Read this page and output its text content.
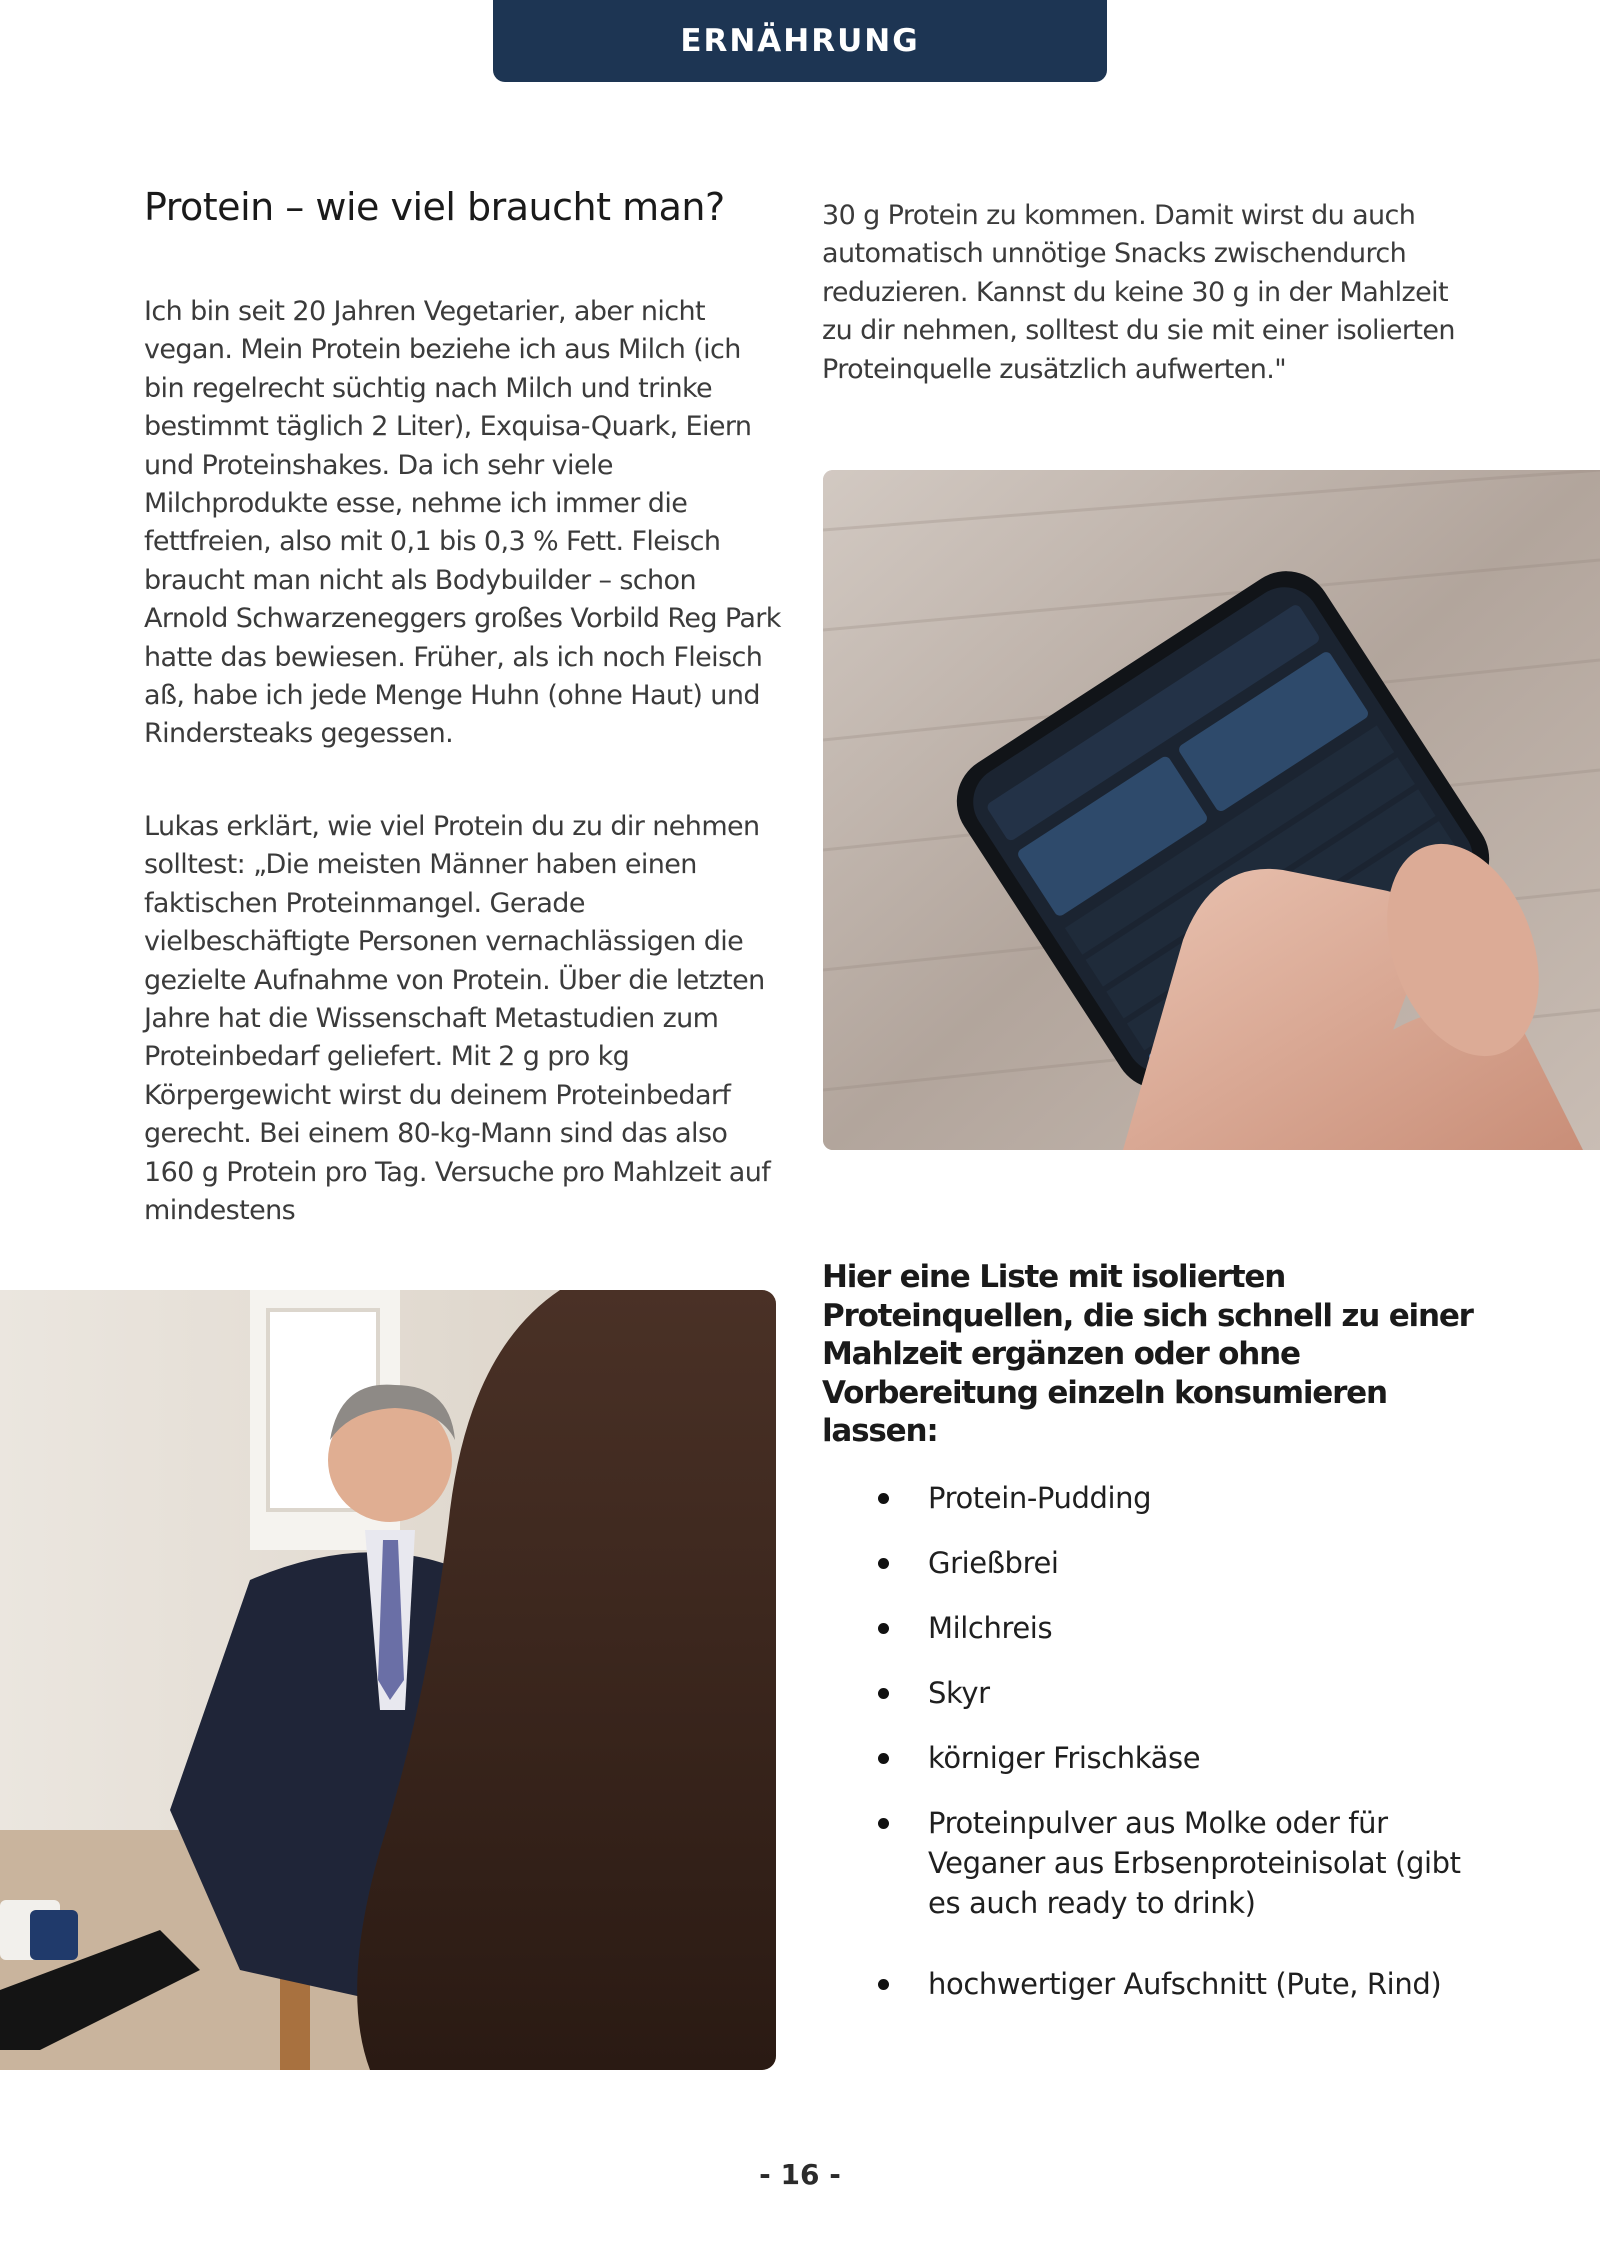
ERNÄHRUNG
Protein – wie viel braucht man?

Ich bin seit 20 Jahren Vegetarier, aber nicht vegan. Mein Protein beziehe ich aus Milch (ich bin regelrecht süchtig nach Milch und trinke bestimmt täglich 2 Liter), Exquisa-Quark, Eiern und Proteinshakes. Da ich sehr viele Milchprodukte esse, nehme ich immer die fettfreien, also mit 0,1 bis 0,3 % Fett. Fleisch braucht man nicht als Bodybuilder – schon Arnold Schwarzeneggers großes Vorbild Reg Park hatte das bewiesen. Früher, als ich noch Fleisch aß, habe ich jede Menge Huhn (ohne Haut) und Rindersteaks gegessen.

Lukas erklärt, wie viel Protein du zu dir nehmen solltest: „Die meisten Männer haben einen faktischen Proteinmangel. Gerade vielbeschäftigte Personen vernachlässigen die gezielte Aufnahme von Protein. Über die letzten Jahre hat die Wissenschaft Metastudien zum Proteinbedarf geliefert. Mit 2 g pro kg Körpergewicht wirst du deinem Proteinbedarf gerecht. Bei einem 80-kg-Mann sind das also 160 g Protein pro Tag. Versuche pro Mahlzeit auf mindestens

30 g Protein zu kommen. Damit wirst du auch automatisch unnötige Snacks zwischendurch reduzieren. Kannst du keine 30 g in der Mahlzeit zu dir nehmen, solltest du sie mit einer isolierten Proteinquelle zusätzlich aufwerten."

Hier eine Liste mit isolierten Proteinquellen, die sich schnell zu einer Mahlzeit ergänzen oder ohne Vorbereitung einzeln konsumieren lassen:
Protein-Pudding
Grießbrei
Milchreis
Skyr
körniger Frischkäse
Proteinpulver aus Molke oder für Veganer aus Erbsenproteinisolat (gibt es auch ready to drink)
hochwertiger Aufschnitt (Pute, Rind)
- 16 -
